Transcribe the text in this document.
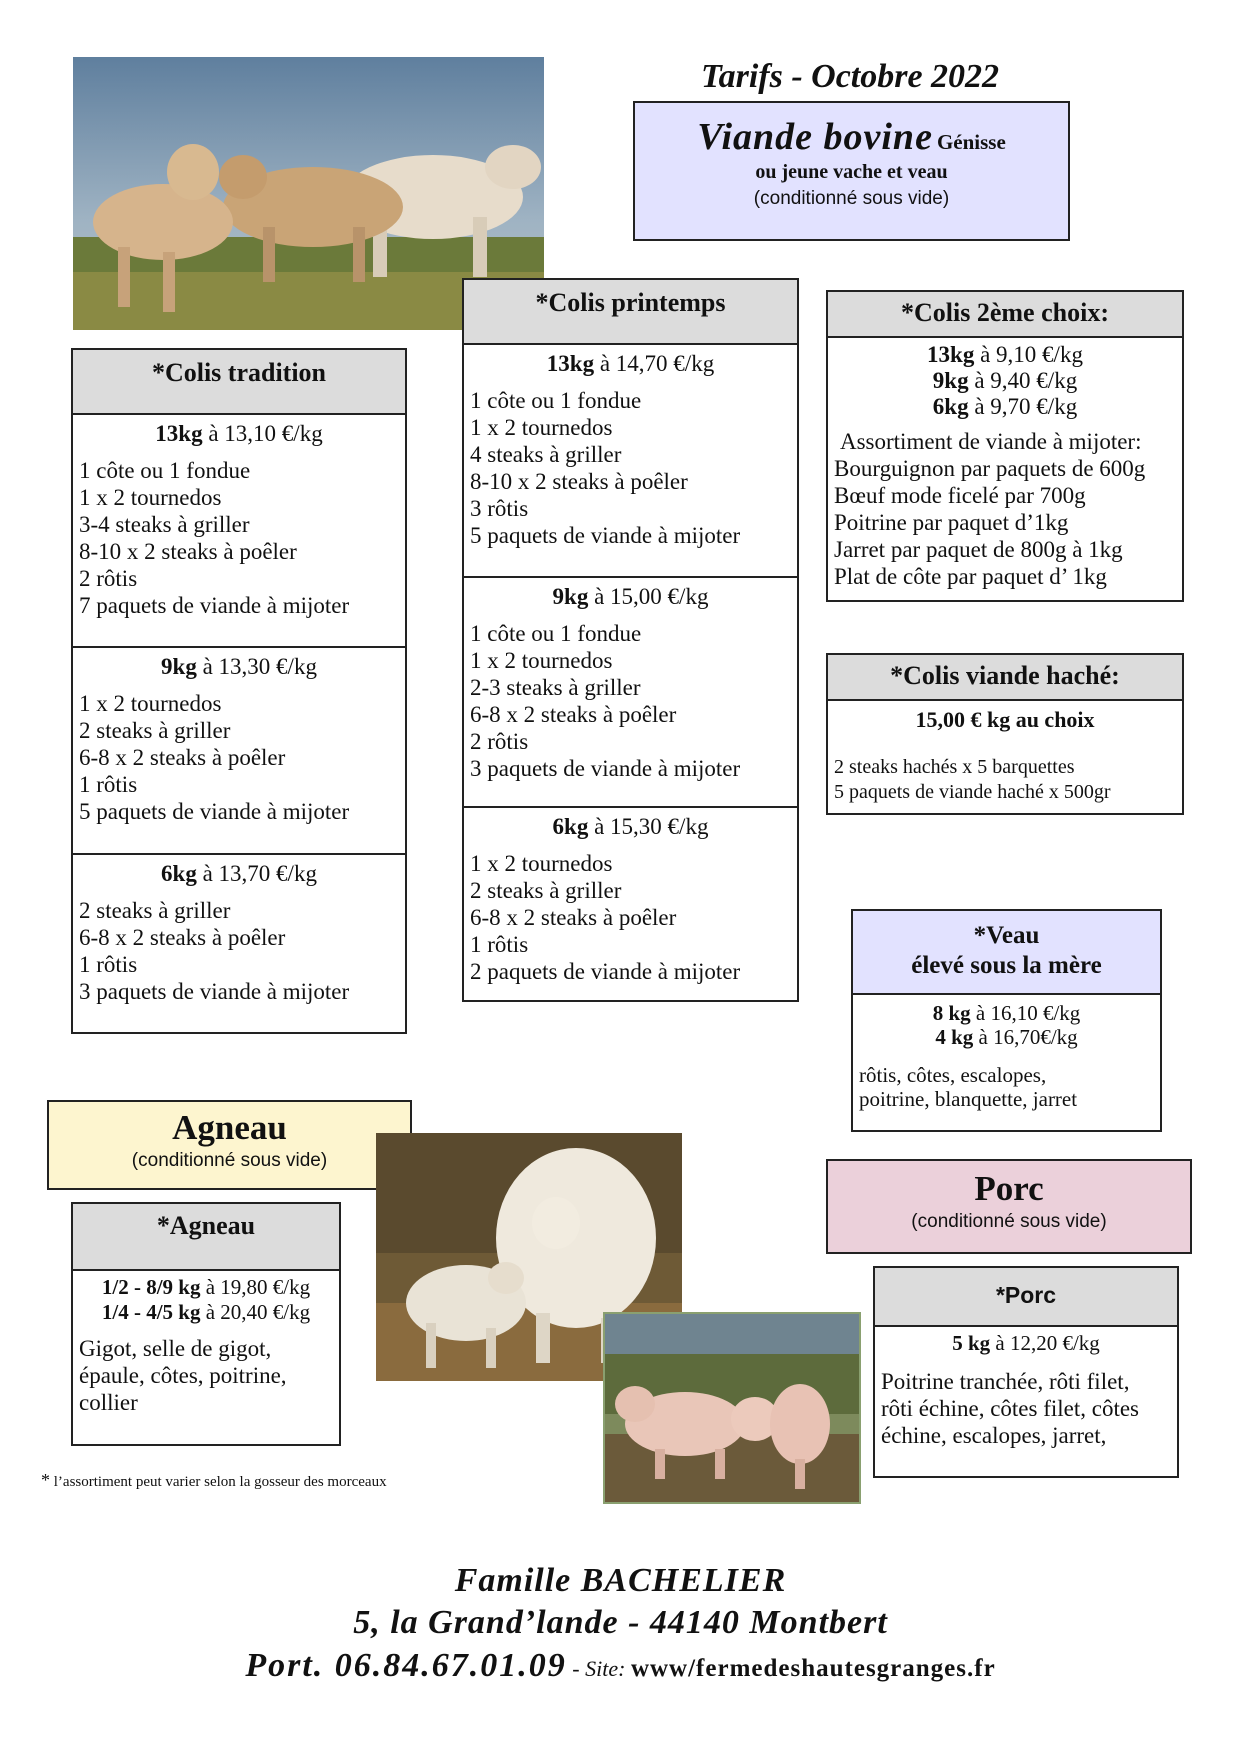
Tarifs - Octobre 2022
Viande bovine Génisse
ou jeune vache et veau
(conditionné sous vide)
*Colis tradition
13kg à 13,10 €/kg
1 côte ou 1 fondue
1 x 2 tournedos
3-4 steaks à griller
8-10 x 2 steaks à poêler
2 rôtis
7 paquets de viande à mijoter
9kg à 13,30 €/kg
1 x 2 tournedos
2 steaks à griller
6-8 x 2 steaks à poêler
1 rôtis
5 paquets de viande à mijoter
6kg à 13,70 €/kg
2 steaks à griller
6-8 x 2 steaks à poêler
1 rôtis
3 paquets de viande à mijoter
*Colis printemps
13kg à 14,70 €/kg
1 côte ou 1 fondue
1 x 2 tournedos
4 steaks à griller
8-10 x 2 steaks à poêler
3 rôtis
5 paquets de viande à mijoter
9kg à 15,00 €/kg
1 côte ou 1 fondue
1 x 2 tournedos
2-3 steaks à griller
6-8 x 2 steaks à poêler
2 rôtis
3 paquets de viande à mijoter
6kg à 15,30 €/kg
1 x 2 tournedos
2 steaks à griller
6-8 x 2 steaks à poêler
1 rôtis
2 paquets de viande à mijoter
*Colis 2ème choix:
13kg à 9,10 €/kg
9kg à 9,40 €/kg
6kg à 9,70 €/kg
Assortiment de viande à mijoter:
Bourguignon par paquets de 600g
Bœuf mode ficelé par 700g
Poitrine par paquet d’1kg
Jarret par paquet de 800g à 1kg
Plat de côte par paquet d’ 1kg
*Colis viande haché:
15,00 € kg au choix
2 steaks hachés x 5 barquettes
5 paquets de viande haché x 500gr
*Veau
élevé sous la mère
8 kg à 16,10 €/kg
4 kg à 16,70€/kg
rôtis, côtes, escalopes,
poitrine, blanquette, jarret
Agneau
(conditionné sous vide)
*Agneau
1/2 - 8/9 kg à 19,80 €/kg
1/4 - 4/5 kg à 20,40 €/kg
Gigot, selle de gigot,
épaule, côtes, poitrine,
collier
Porc
(conditionné sous vide)
*Porc
5 kg à 12,20 €/kg
Poitrine tranchée, rôti filet,
rôti échine, côtes filet, côtes
échine, escalopes, jarret,
* l’assortiment peut varier selon la gosseur des morceaux
Famille BACHELIER
5, la Grand’lande - 44140 Montbert
Port. 06.84.67.01.09 - Site: www/fermedeshautesgranges.fr
